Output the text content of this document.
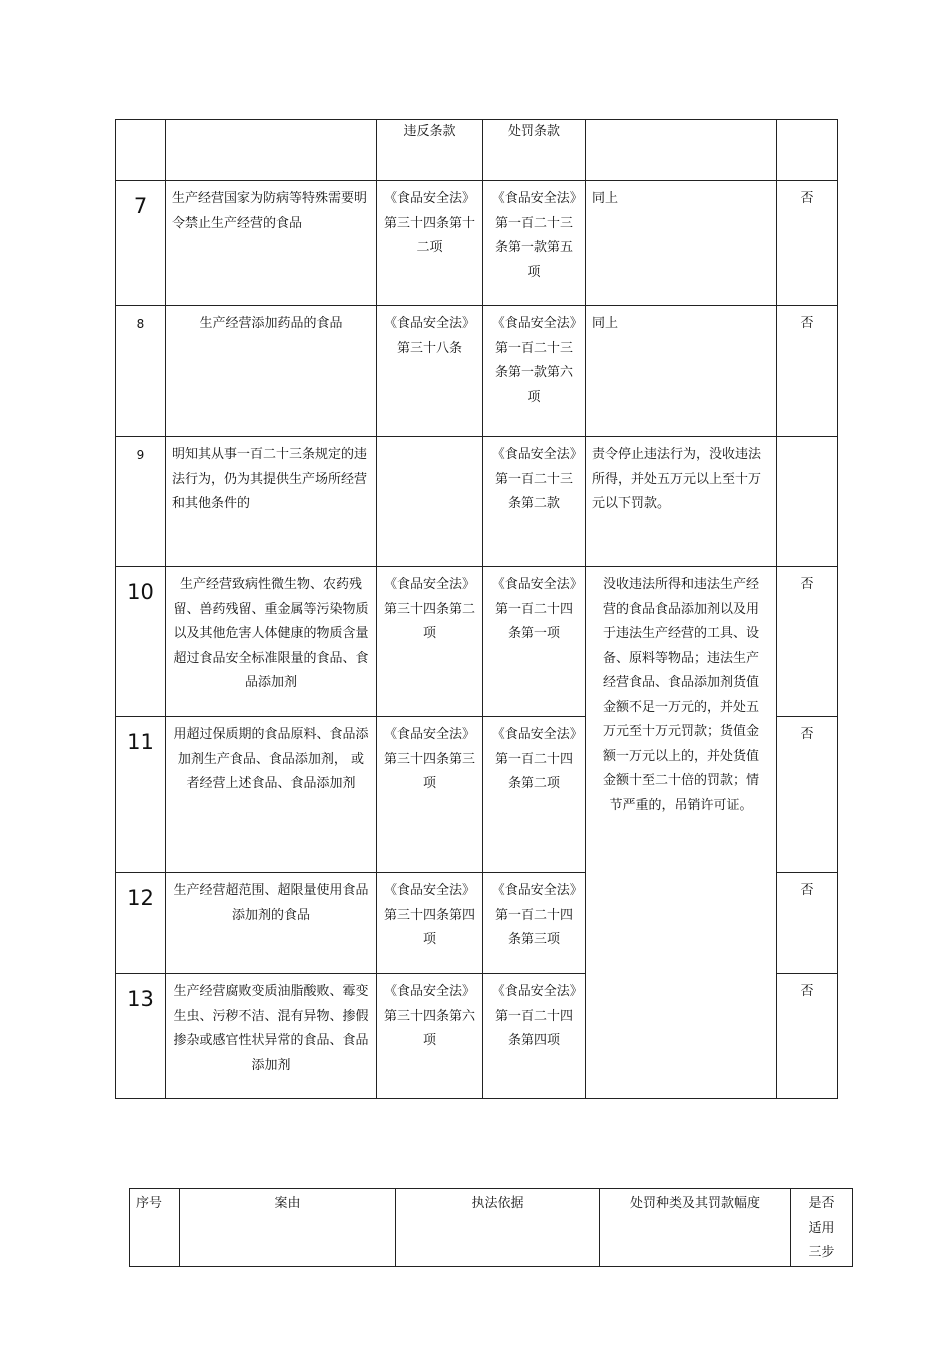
		违反条款	处罚条款		
7	生产经营国家为防病等特殊需要明令禁止生产经营的食品	《食品安全法》第三十四条第十二项	《食品安全法》第一百二十三条第一款第五项	同上	否
8	生产经营添加药品的食品	《食品安全法》第三十八条	《食品安全法》第一百二十三条第一款第六项	同上	否
9	明知其从事一百二十三条规定的违法行为，仍为其提供生产场所经营和其他条件的		《食品安全法》第一百二十三条第二款	责令停止违法行为，没收违法所得，并处五万元以上至十万元以下罚款。	
10	生产经营致病性微生物、农药残留、兽药残留、重金属等污染物质以及其他危害人体健康的物质含量超过食品安全标准限量的食品、食品添加剂	《食品安全法》第三十四条第二项	《食品安全法》第一百二十四条第一项	没收违法所得和违法生产经营的食品食品添加剂以及用于违法生产经营的工具、设备、原料等物品；违法生产经营食品、食品添加剂货值金额不足一万元的，并处五万元至十万元罚款；货值金额一万元以上的，并处货值金额十至二十倍的罚款；情节严重的，吊销许可证。	否
11	用超过保质期的食品原料、食品添加剂生产食品、食品添加剂， 或者经营上述食品、食品添加剂	《食品安全法》第三十四条第三项	《食品安全法》第一百二十四条第二项		否
12	生产经营超范围、超限量使用食品添加剂的食品	《食品安全法》第三十四条第四项	《食品安全法》第一百二十四条第三项		否
13	生产经营腐败变质油脂酸败、霉变生虫、污秽不洁、混有异物、掺假掺杂或感官性状异常的食品、食品添加剂	《食品安全法》第三十四条第六项	《食品安全法》第一百二十四条第四项		否
序号	案由	执法依据	处罚种类及其罚款幅度	是否适用三步
